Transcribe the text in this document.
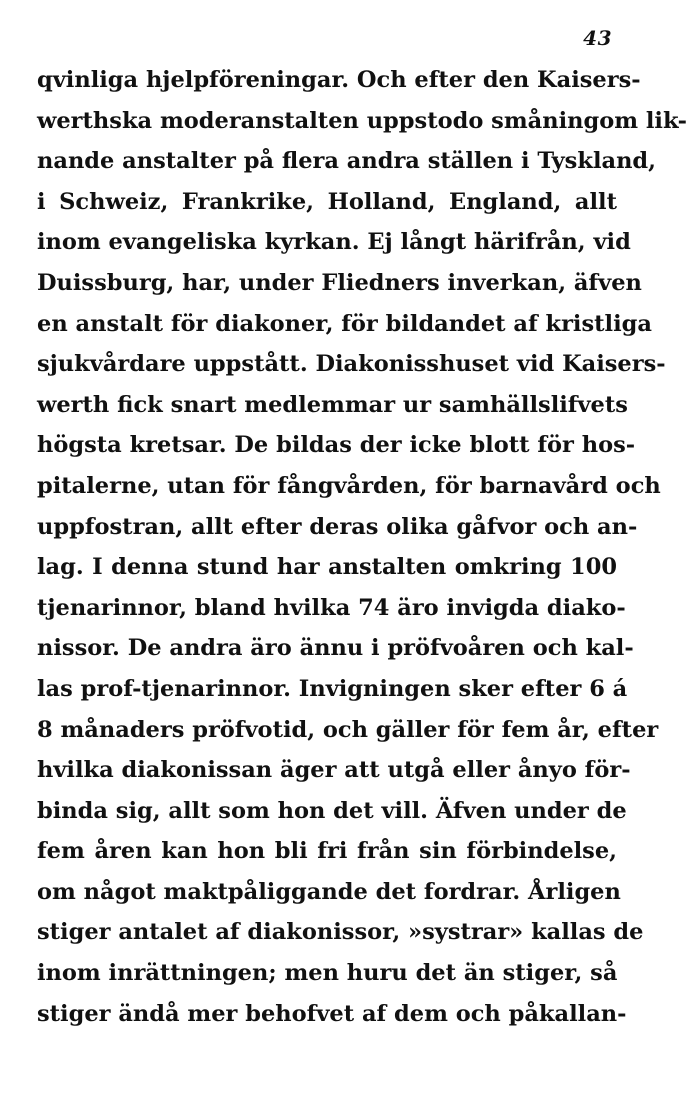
43
qvinliga hjelpföreningar. Och efter den Kaisers-
werthska moderanstalten uppstodo småningom lik-
nande anstalter på flera andra ställen i Tyskland,
i Schweiz, Frankrike, Holland, England, allt
inom evangeliska kyrkan. Ej långt härifrån, vid
Duissburg, har, under Fliedners inverkan, äfven
en anstalt för diakoner, för bildandet af kristliga
sjukvårdare uppstått. Diakonisshuset vid Kaisers-
werth fick snart medlemmar ur samhällslifvets
högsta kretsar. De bildas der icke blott för hos-
pitalerne, utan för fångvården, för barnavård och
uppfostran, allt efter deras olika gåfvor och an-
lag. I denna stund har anstalten omkring 100
tjenarinnor, bland hvilka 74 äro invigda diako-
nissor. De andra äro ännu i pröfvoåren och kal-
las prof-tjenarinnor. Invigningen sker efter 6 á
8 månaders pröfvotid, och gäller för fem år, efter
hvilka diakonissan äger att utgå eller ånyo för-
binda sig, allt som hon det vill. Äfven under de
fem åren kan hon bli fri från sin förbindelse,
om något maktpåliggande det fordrar. Årligen
stiger antalet af diakonissor, »systrar» kallas de
inom inrättningen; men huru det än stiger, så
stiger ändå mer behofvet af dem och påkallan-
